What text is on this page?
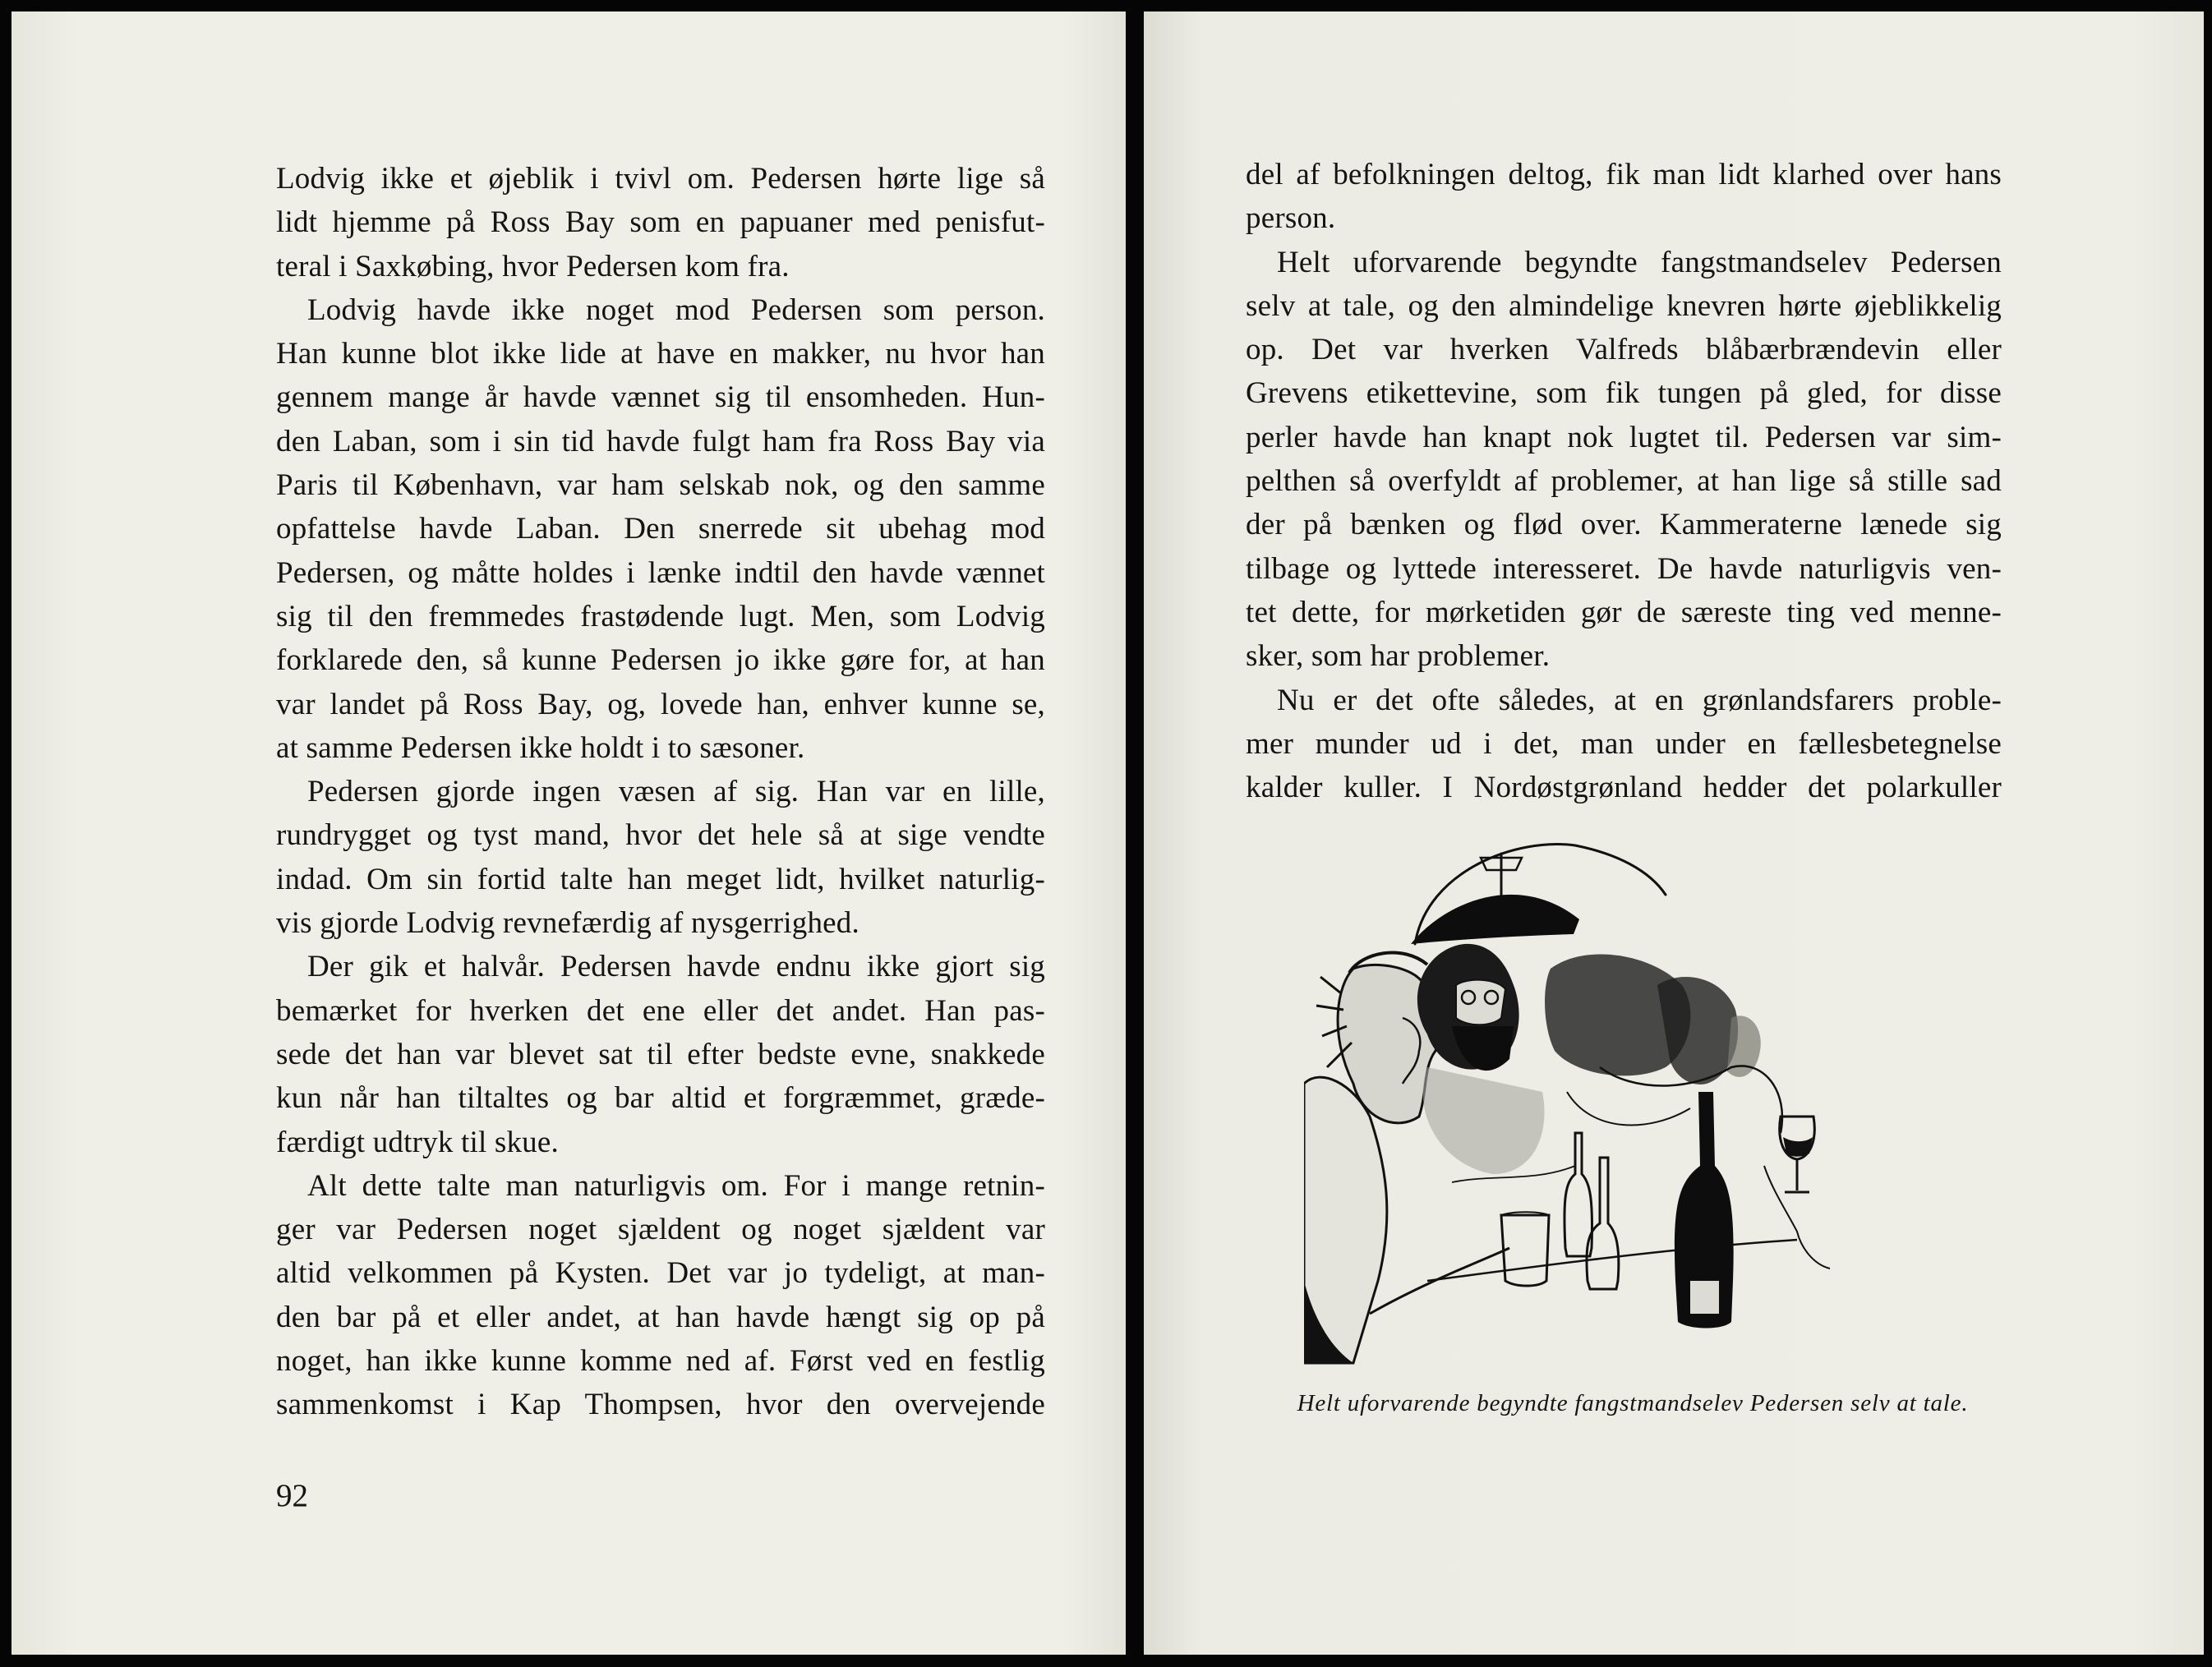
Lodvig ikke et øjeblik i tvivl om. Pedersen hørte lige så
lidt hjemme på Ross Bay som en papuaner med penisfut-
teral i Saxkøbing, hvor Pedersen kom fra.
Lodvig havde ikke noget mod Pedersen som person.
Han kunne blot ikke lide at have en makker, nu hvor han
gennem mange år havde vænnet sig til ensomheden. Hun-
den Laban, som i sin tid havde fulgt ham fra Ross Bay via
Paris til København, var ham selskab nok, og den samme
opfattelse havde Laban. Den snerrede sit ubehag mod
Pedersen, og måtte holdes i lænke indtil den havde vænnet
sig til den fremmedes frastødende lugt. Men, som Lodvig
forklarede den, så kunne Pedersen jo ikke gøre for, at han
var landet på Ross Bay, og, lovede han, enhver kunne se,
at samme Pedersen ikke holdt i to sæsoner.
Pedersen gjorde ingen væsen af sig. Han var en lille,
rundrygget og tyst mand, hvor det hele så at sige vendte
indad. Om sin fortid talte han meget lidt, hvilket naturlig-
vis gjorde Lodvig revnefærdig af nysgerrighed.
Der gik et halvår. Pedersen havde endnu ikke gjort sig
bemærket for hverken det ene eller det andet. Han pas-
sede det han var blevet sat til efter bedste evne, snakkede
kun når han tiltaltes og bar altid et forgræmmet, græde-
færdigt udtryk til skue.
Alt dette talte man naturligvis om. For i mange retnin-
ger var Pedersen noget sjældent og noget sjældent var
altid velkommen på Kysten. Det var jo tydeligt, at man-
den bar på et eller andet, at han havde hængt sig op på
noget, han ikke kunne komme ned af. Først ved en festlig
sammenkomst i Kap Thompsen, hvor den overvejende
92
del af befolkningen deltog, fik man lidt klarhed over hans
person.
Helt uforvarende begyndte fangstmandselev Pedersen
selv at tale, og den almindelige knevren hørte øjeblikkelig
op. Det var hverken Valfreds blåbærbrændevin eller
Grevens etikettevine, som fik tungen på gled, for disse
perler havde han knapt nok lugtet til. Pedersen var sim-
pelthen så overfyldt af problemer, at han lige så stille sad
der på bænken og flød over. Kammeraterne lænede sig
tilbage og lyttede interesseret. De havde naturligvis ven-
tet dette, for mørketiden gør de særeste ting ved menne-
sker, som har problemer.
Nu er det ofte således, at en grønlandsfarers proble-
mer munder ud i det, man under en fællesbetegnelse
kalder kuller. I Nordøstgrønland hedder det polarkuller
Helt uforvarende begyndte fangstmandselev Pedersen selv at tale.
